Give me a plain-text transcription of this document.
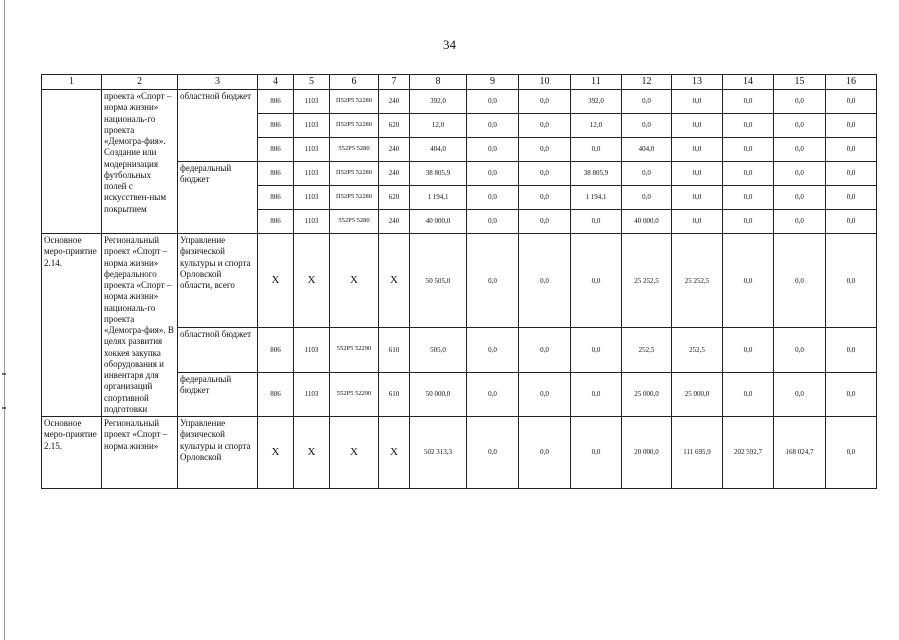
34
1	2	3	4	5	6	7	8	9	10	11	12	13	14	15	16
	проекта «Спорт – норма жизни» националь-го проекта «Демогра-фия». Создание или модернизация футбольных полей с искусствен-ным покрытием	областной бюджет	806	1103	П52Р5 52280	240	392,0	0,0	0,0	392,0	0,0	0,0	0,0	0,0	0,0
			806	1103	П52Р5 52280	620	12,0	0,0	0,0	12,0	0,0	0,0	0,0	0,0	0,0
			806	1103	552Р5 5280	240	404,0	0,0	0,0	0,0	404,0	0,0	0,0	0,0	0,0
		федеральный бюджет	806	1103	П52Р5 52280	240	38 805,9	0,0	0,0	38 805,9	0,0	0,0	0,0	0,0	0,0
			806	1103	П52Р5 52280	620	1 194,1	0,0	0,0	1 194,1	0,0	0,0	0,0	0,0	0,0
			806	1103	552Р5 5280	240	40 000,0	0,0	0,0	0,0	40 000,0	0,0	0,0	0,0	0,0
Основное меро-приятие 2.14.	Региональный проект «Спорт – норма жизни» федерального проекта «Спорт – норма жизни» националь-го проекта «Демогра-фия». В целях развития хоккея закупка оборудования и инвентаря для организаций спортивной подготовки	Управление физической культуры и спорта Орловской области, всего	Х	Х	Х	Х	50 505,0	0,0	0,0	0,0	25 252,5	25 252,5	0,0	0,0	0,0
		областной бюджет	806	1103	552Р5 52290	610	505,0	0,0	0,0	0,0	252,5	252,5	0,0	0,0	0,0
		федеральный бюджет	806	1103	552Р5 52290	610	50 000,0	0,0	0,0	0,0	25 000,0	25 000,0	0,0	0,0	0,0
Основное меро-приятие 2.15.	Региональный проект «Спорт – норма жизни»	Управление физической культуры и спорта Орловской	Х	Х	Х	Х	502 313,3	0,0	0,0	0,0	20 000,0	111 695,9	202 592,7	168 024,7	0,0
